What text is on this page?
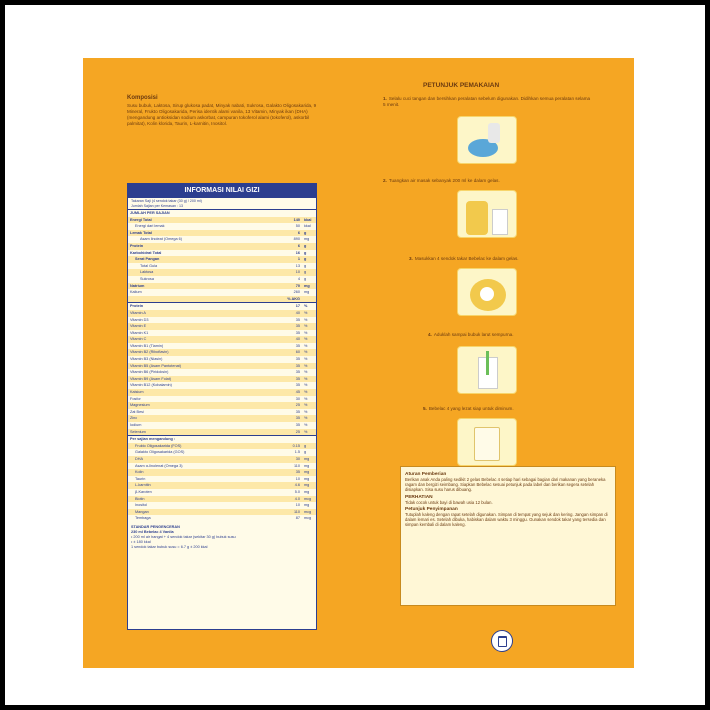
Komposisi
Susu bubuk, Laktosa, Sirup glukosa padat, Minyak nabati, Sukrosa, Galakto Oligosakarida, 9 Mineral, Frukto Oligosakarida, Perisa identik alami vanila, 13 Vitamin, Minyak ikan (DHA) (mengandung antioksidan sodium askorbat, campuran tokoferol alami (tokoferol), askorbil palmitat), Kolin klorida, Taurin, L-karnitin, Inositol.
INFORMASI NILAI GIZI
Takaran Saji (4 sendok takar (30 g) / 200 ml)
Jumlah Sajian per Kemasan : 13
JUMLAH PER SAJIAN		
Energi Total	140	kkal
Energi dari lemak	50	kkal
Lemak Total	6	g
Asam linoleat (Omega 6)	890	mg
Protein	6	g
Karbohidrat Total	16	g
Serat Pangan	1	g
Total Gula	13	g
Laktosa	10	g
Sukrosa	4	g
Natrium	70	mg
Kalium	260	mg
	% AKG	
Protein	17	%
Vitamin A	40	%
Vitamin D3	35	%
Vitamin E	35	%
Vitamin K1	35	%
Vitamin C	40	%
Vitamin B1 (Tiamin)	35	%
Vitamin B2 (Riboflavin)	60	%
Vitamin B3 (Niasin)	35	%
Vitamin B5 (Asam Pantotenat)	35	%
Vitamin B6 (Piridoksin)	35	%
Vitamin B9 (Asam Folat)	35	%
Vitamin B12 (Kobalamin)	35	%
Kalsium	45	%
Fosfor	30	%
Magnesium	25	%
Zat Besi	35	%
Zinc	35	%
Iodium	35	%
Selenium	25	%
Per sajian mengandung :		
Frukto Oligosakarida (FOS)	0.15	g
Galakto Oligosakarida (GOS)	1.5	g
DHA	30	mg
Asam α-linolenat (Omega 3)	110	mg
Kolin	35	mg
Taurin	10	mg
L-karnitin	4.6	mg
β-Karoten	5.0	mg
Biotin	4.0	mcg
Inositol	10	mg
Mangan	110	mcg
Tembaga	87	mcg
STANDAR PENGENCERAN
230 ml Bebelac 4 Vanila
• 200 ml air hangat + 4 sendok takar (sekitar 30 g) bubuk susu
• ± 180 kkal
1 sendok takar bubuk susu = 6.7 g ± 200 kkal
PETUNJUK PEMAKAIAN
1. Selalu cuci tangan dan bersihkan peralatan sebelum digunakan. Didihkan semua peralatan selama 5 menit.
2. Tuangkan air masak sebanyak 200 ml ke dalam gelas.
3. Masukkan 4 sendok takar Bebelac ke dalam gelas.
4. Aduklah sampai bubuk larut sempurna.
5. Bebelac 4 yang lezat siap untuk diminum.
Aturan Pemberian
Berikan anak Anda paling sedikit 2 gelas Bebelac 4 setiap hari sebagai bagian dari makanan yang beraneka ragam dan bergizi seimbang. Siapkan Bebelac sesuai petunjuk pada label dan berikan segera setelah disiapkan. Sisa susu harus dibuang.
PERHATIAN
Tidak cocok untuk bayi di bawah usia 12 bulan.
Petunjuk Penyimpanan
Tutuplah kaleng dengan rapat setelah digunakan. Simpan di tempat yang sejuk dan kering. Jangan simpan di dalam lemari es. Setelah dibuka, habiskan dalam waktu 3 minggu. Gunakan sendok takar yang tersedia dan simpan kembali di dalam kaleng.
